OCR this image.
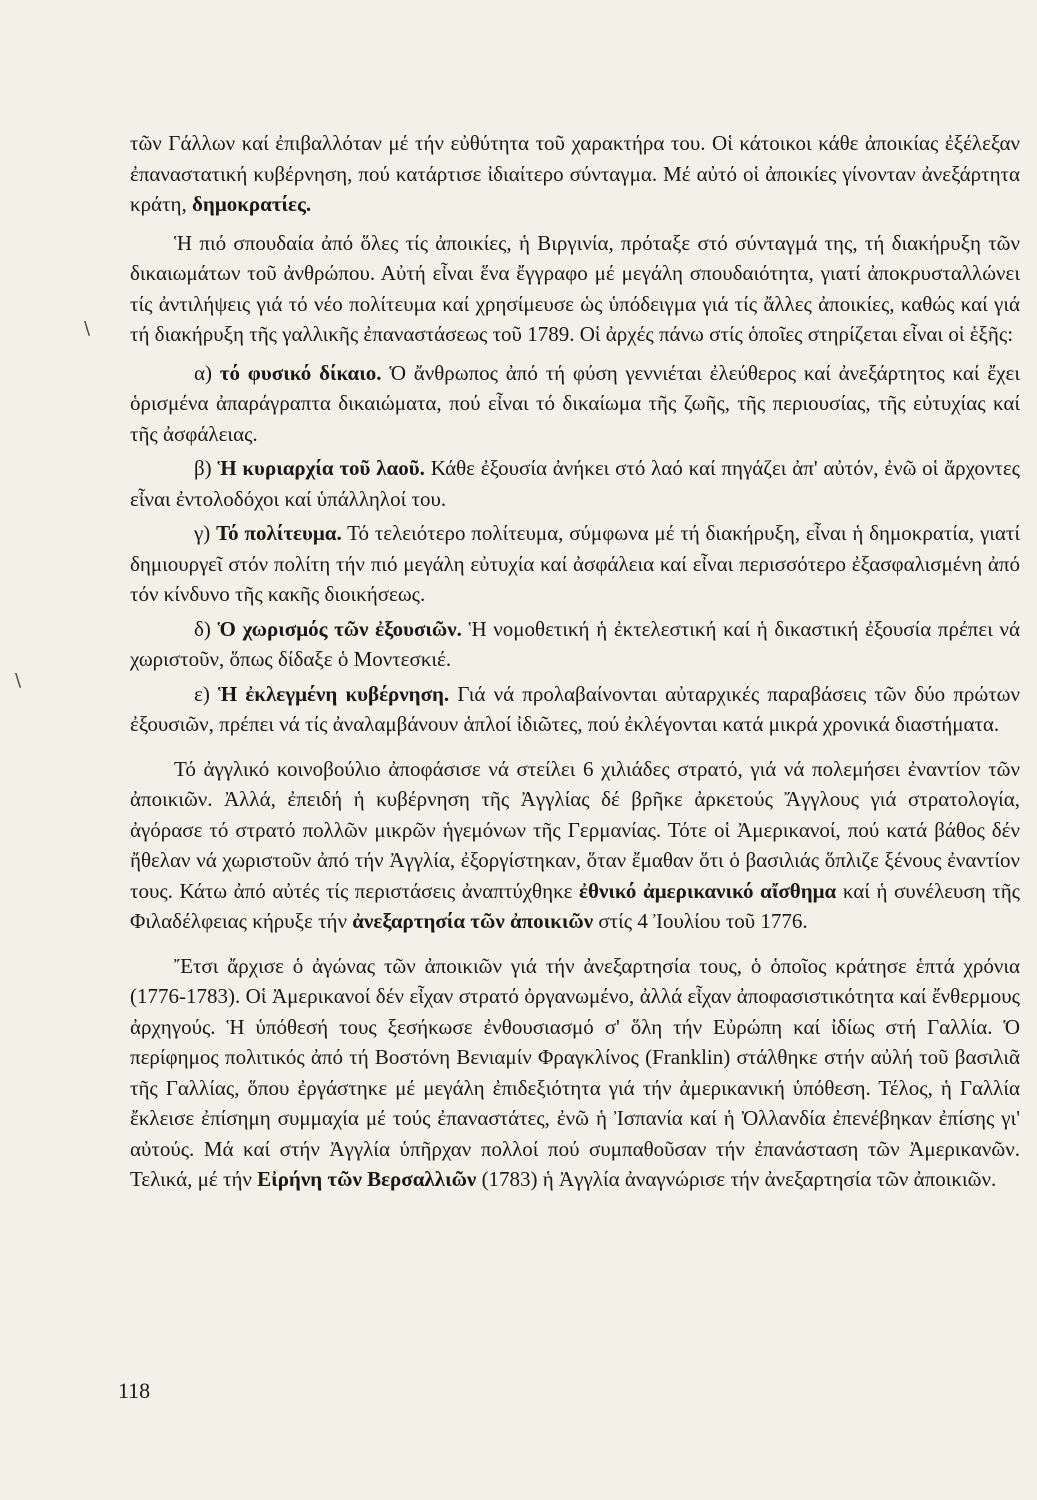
\
\

τῶν Γάλλων καί ἐπιβαλλόταν μέ τήν εὐθύτητα τοῦ χαρακτήρα του. Οἱ κάτοικοι κάθε ἀποικίας ἐξέλεξαν ἐπαναστατική κυβέρνηση, πού κατάρτισε ἰδιαίτερο σύνταγμα. Μέ αὐτό οἱ ἀποικίες γίνονταν ἀνεξάρτητα κράτη, δημοκρατίες.

Ἡ πιό σπουδαία ἀπό ὅλες τίς ἀποικίες, ἡ Βιργινία, πρόταξε στό σύνταγμά της, τή διακήρυξη τῶν δικαιωμάτων τοῦ ἀνθρώπου. Αὐτή εἶναι ἕνα ἔγγραφο μέ μεγάλη σπουδαιότητα, γιατί ἀποκρυσταλλώνει τίς ἀντιλήψεις γιά τό νέο πολίτευμα καί χρησίμευσε ὡς ὑπόδειγμα γιά τίς ἄλλες ἀποικίες, καθώς καί γιά τή διακήρυξη τῆς γαλλικῆς ἐπαναστάσεως τοῦ 1789. Οἱ ἀρχές πάνω στίς ὁποῖες στηρίζεται εἶναι οἱ ἑξῆς:

α) τό φυσικό δίκαιο. Ὁ ἄνθρωπος ἀπό τή φύση γεννιέται ἐλεύθερος καί ἀνεξάρτητος καί ἔχει ὁρισμένα ἀπαράγραπτα δικαιώματα, πού εἶναι τό δικαίωμα τῆς ζωῆς, τῆς περιουσίας, τῆς εὐτυχίας καί τῆς ἀσφάλειας.

β) Ἡ κυριαρχία τοῦ λαοῦ. Κάθε ἐξουσία ἀνήκει στό λαό καί πηγάζει ἀπ' αὐτόν, ἐνῶ οἱ ἄρχοντες εἶναι ἐντολοδόχοι καί ὑπάλληλοί του.

γ) Τό πολίτευμα. Τό τελειότερο πολίτευμα, σύμφωνα μέ τή διακήρυξη, εἶναι ἡ δημοκρατία, γιατί δημιουργεῖ στόν πολίτη τήν πιό μεγάλη εὐτυχία καί ἀσφάλεια καί εἶναι περισσότερο ἐξασφαλισμένη ἀπό τόν κίνδυνο τῆς κακῆς διοικήσεως.

δ) Ὁ χωρισμός τῶν ἐξουσιῶν. Ἡ νομοθετική ἡ ἐκτελεστική καί ἡ δικαστική ἐξουσία πρέπει νά χωριστοῦν, ὅπως δίδαξε ὁ Μοντεσκιέ.

ε) Ἡ ἐκλεγμένη κυβέρνηση. Γιά νά προλαβαίνονται αὐταρχικές παραβάσεις τῶν δύο πρώτων ἐξουσιῶν, πρέπει νά τίς ἀναλαμβάνουν ἁπλοί ἰδιῶτες, πού ἐκλέγονται κατά μικρά χρονικά διαστήματα.

Τό ἀγγλικό κοινοβούλιο ἀποφάσισε νά στείλει 6 χιλιάδες στρατό, γιά νά πολεμήσει ἐναντίον τῶν ἀποικιῶν. Ἀλλά, ἐπειδή ἡ κυβέρνηση τῆς Ἀγγλίας δέ βρῆκε ἀρκετούς Ἄγγλους γιά στρατολογία, ἀγόρασε τό στρατό πολλῶν μικρῶν ἡγεμόνων τῆς Γερμανίας. Τότε οἱ Ἀμερικανοί, πού κατά βάθος δέν ἤθελαν νά χωριστοῦν ἀπό τήν Ἀγγλία, ἐξοργίστηκαν, ὅταν ἔμαθαν ὅτι ὁ βασιλιάς ὅπλιζε ξένους ἐναντίον τους. Κάτω ἀπό αὐτές τίς περιστάσεις ἀναπτύχθηκε ἐθνικό ἀμερικανικό αἴσθημα καί ἡ συνέλευση τῆς Φιλαδέλφειας κήρυξε τήν ἀνεξαρτησία τῶν ἀποικιῶν στίς 4 Ἰουλίου τοῦ 1776.

Ἔτσι ἄρχισε ὁ ἀγώνας τῶν ἀποικιῶν γιά τήν ἀνεξαρτησία τους, ὁ ὁποῖος κράτησε ἑπτά χρόνια (1776-1783). Οἱ Ἀμερικανοί δέν εἶχαν στρατό ὀργανωμένο, ἀλλά εἶχαν ἀποφασιστικότητα καί ἔνθερμους ἀρχηγούς. Ἡ ὑπόθεσή τους ξεσήκωσε ἐνθουσιασμό σ' ὅλη τήν Εὐρώπη καί ἰδίως στή Γαλλία. Ὁ περίφημος πολιτικός ἀπό τή Βοστόνη Βενιαμίν Φραγκλίνος (Franklin) στάλθηκε στήν αὐλή τοῦ βασιλιᾶ τῆς Γαλλίας, ὅπου ἐργάστηκε μέ μεγάλη ἐπιδεξιότητα γιά τήν ἀμερικανική ὑπόθεση. Τέλος, ἡ Γαλλία ἔκλεισε ἐπίσημη συμμαχία μέ τούς ἐπαναστάτες, ἐνῶ ἡ Ἰσπανία καί ἡ Ὀλλανδία ἐπενέβηκαν ἐπίσης γι' αὐτούς. Μά καί στήν Ἀγγλία ὑπῆρχαν πολλοί πού συμπαθοῦσαν τήν ἐπανάσταση τῶν Ἀμερικανῶν. Τελικά, μέ τήν Εἰρήνη τῶν Βερσαλλιῶν (1783) ἡ Ἀγγλία ἀναγνώρισε τήν ἀνεξαρτησία τῶν ἀποικιῶν.

118
